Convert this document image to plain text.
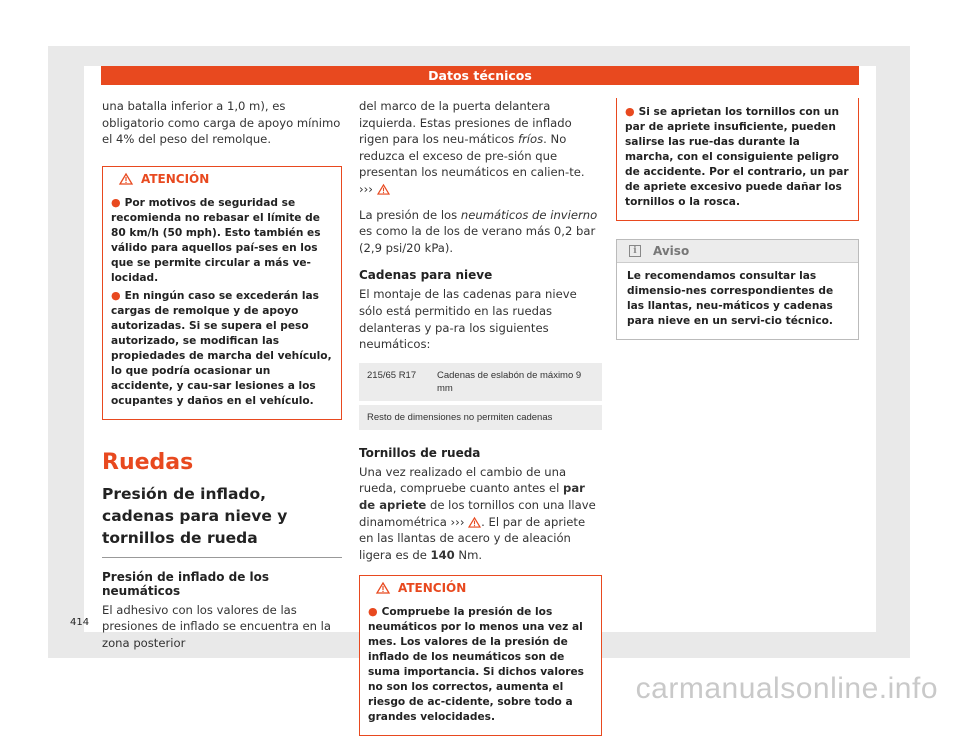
Datos técnicos

una batalla inferior a 1,0 m), es obligatorio como carga de apoyo mínimo el 4% del peso del remolque.

ATENCIÓN
● Por motivos de seguridad se recomienda no rebasar el límite de 80 km/h (50 mph). Esto también es válido para aquellos paí-ses en los que se permite circular a más ve-locidad.
● En ningún caso se excederán las cargas de remolque y de apoyo autorizadas. Si se supera el peso autorizado, se modifican las propiedades de marcha del vehículo, lo que podría ocasionar un accidente, y cau-sar lesiones a los ocupantes y daños en el vehículo.
Ruedas
Presión de inflado, cadenas para nieve y tornillos de rueda
Presión de inflado de los neumáticos

El adhesivo con los valores de las presiones de inflado se encuentra en la zona posterior

del marco de la puerta delantera izquierda. Estas presiones de inflado rigen para los neu-máticos fríos. No reduzca el exceso de pre-sión que presentan los neumáticos en calien-te. ›››

La presión de los neumáticos de invierno es como la de los de verano más 0,2 bar (2,9 psi/20 kPa).

Cadenas para nieve

El montaje de las cadenas para nieve sólo está permitido en las ruedas delanteras y pa-ra los siguientes neumáticos:

215/65 R17	Cadenas de eslabón de máximo 9 mm
Resto de dimensiones no permiten cadenas
Tornillos de rueda

Una vez realizado el cambio de una rueda, compruebe cuanto antes el par de apriete de los tornillos con una llave dinamométrica ››› . El par de apriete en las llantas de acero y de aleación ligera es de 140 Nm.

ATENCIÓN
● Compruebe la presión de los neumáticos por lo menos una vez al mes. Los valores de la presión de inflado de los neumáticos son de suma importancia. Si dichos valores no son los correctos, aumenta el riesgo de ac-cidente, sobre todo a grandes velocidades.
● Si se aprietan los tornillos con un par de apriete insuficiente, pueden salirse las rue-das durante la marcha, con el consiguiente peligro de accidente. Por el contrario, un par de apriete excesivo puede dañar los tornillos o la rosca.
i	Aviso
Le recomendamos consultar las dimensio-nes correspondientes de las llantas, neu-máticos y cadenas para nieve en un servi-cio técnico.
414
carmanualsonline.info
